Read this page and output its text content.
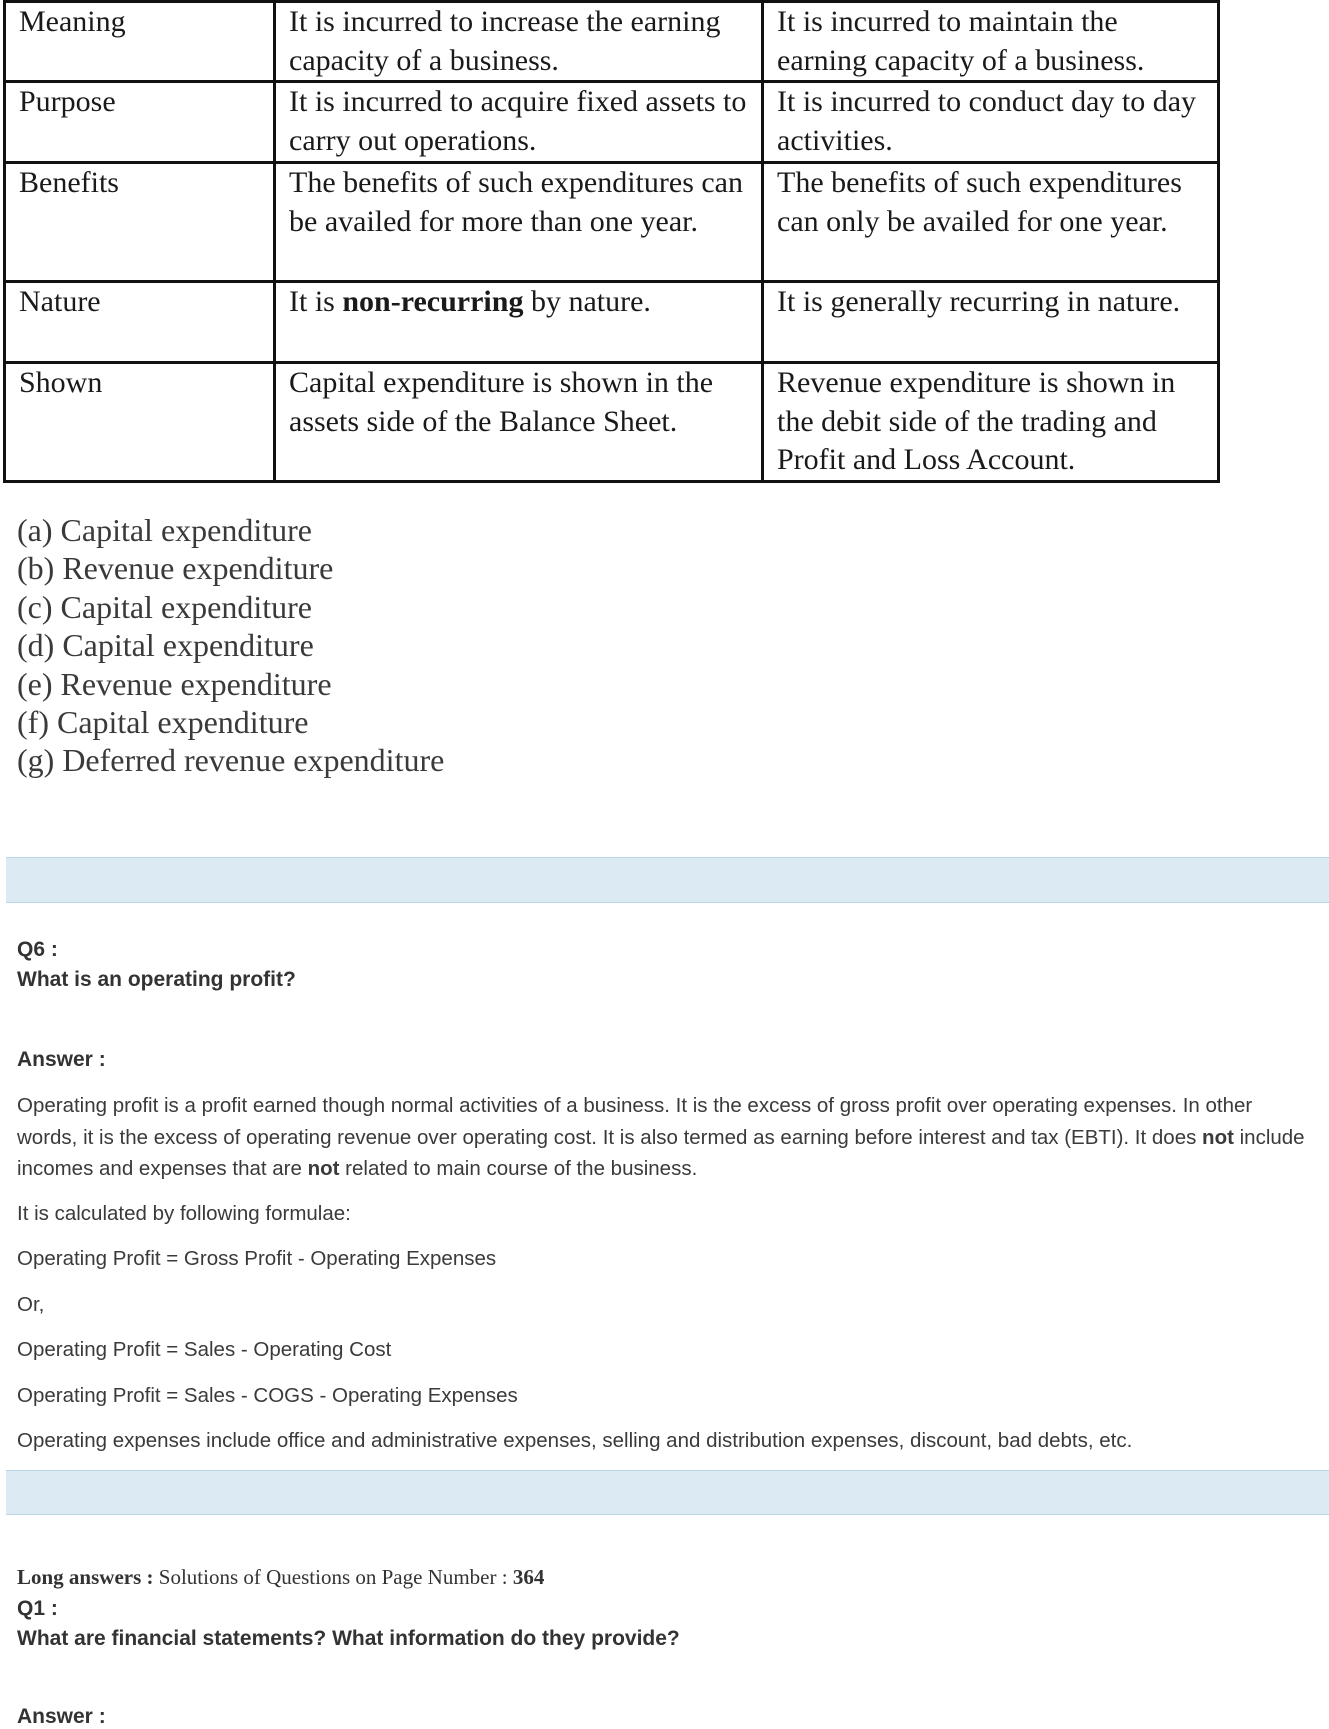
Meaning	It is incurred to increase the earning capacity of a business.	It is incurred to maintain the earning capacity of a business.
Purpose	It is incurred to acquire fixed assets to carry out operations.	It is incurred to conduct day to day activities.
Benefits	The benefits of such expenditures can be availed for more than one year.	The benefits of such expenditures can only be availed for one year.
Nature	It is non-recurring by nature.	It is generally recurring in nature.
Shown	Capital expenditure is shown in the assets side of the Balance Sheet.	Revenue expenditure is shown in the debit side of the trading and Profit and Loss Account.
(a) Capital expenditure
(b) Revenue expenditure
(c) Capital expenditure
(d) Capital expenditure
(e) Revenue expenditure
(f) Capital expenditure
(g) Deferred revenue expenditure
Q6 :
What is an operating profit?
Answer :

Operating profit is a profit earned though normal activities of a business. It is the excess of gross profit over operating expenses. In other words, it is the excess of operating revenue over operating cost. It is also termed as earning before interest and tax (EBTI). It does not include incomes and expenses that are not related to main course of the business.

It is calculated by following formulae:

Operating Profit = Gross Profit - Operating Expenses

Or,

Operating Profit = Sales - Operating Cost

Operating Profit = Sales - COGS - Operating Expenses

Operating expenses include office and administrative expenses, selling and distribution expenses, discount, bad debts, etc.

Long answers : Solutions of Questions on Page Number : 364
Q1 :
What are financial statements? What information do they provide?
Answer :
